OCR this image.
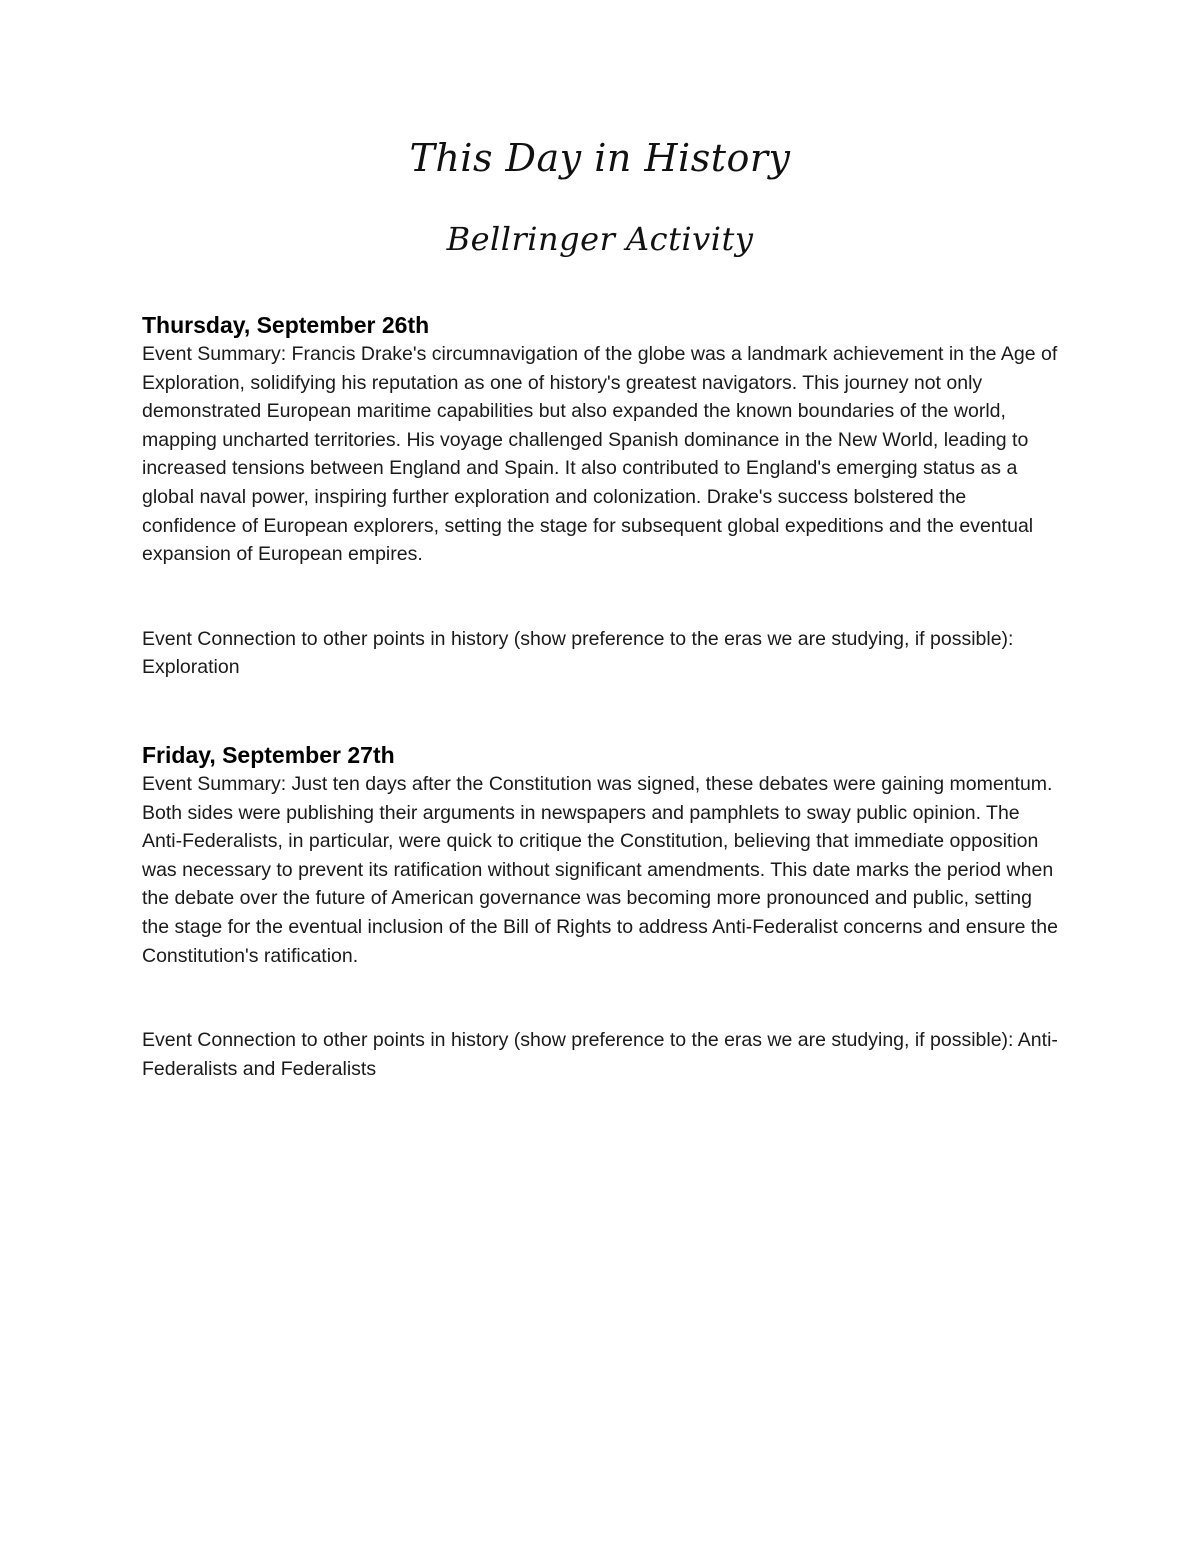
This Day in History
Bellringer Activity
Thursday, September 26th

Event Summary: Francis Drake's circumnavigation of the globe was a landmark achievement in the Age of Exploration, solidifying his reputation as one of history's greatest navigators. This journey not only demonstrated European maritime capabilities but also expanded the known boundaries of the world, mapping uncharted territories. His voyage challenged Spanish dominance in the New World, leading to increased tensions between England and Spain. It also contributed to England's emerging status as a global naval power, inspiring further exploration and colonization. Drake's success bolstered the confidence of European explorers, setting the stage for subsequent global expeditions and the eventual expansion of European empires.

Event Connection to other points in history (show preference to the eras we are studying, if possible): Exploration

Friday, September 27th

Event Summary: Just ten days after the Constitution was signed, these debates were gaining momentum. Both sides were publishing their arguments in newspapers and pamphlets to sway public opinion. The Anti-Federalists, in particular, were quick to critique the Constitution, believing that immediate opposition was necessary to prevent its ratification without significant amendments. This date marks the period when the debate over the future of American governance was becoming more pronounced and public, setting the stage for the eventual inclusion of the Bill of Rights to address Anti-Federalist concerns and ensure the Constitution's ratification.

Event Connection to other points in history (show preference to the eras we are studying, if possible): Anti-Federalists and Federalists
